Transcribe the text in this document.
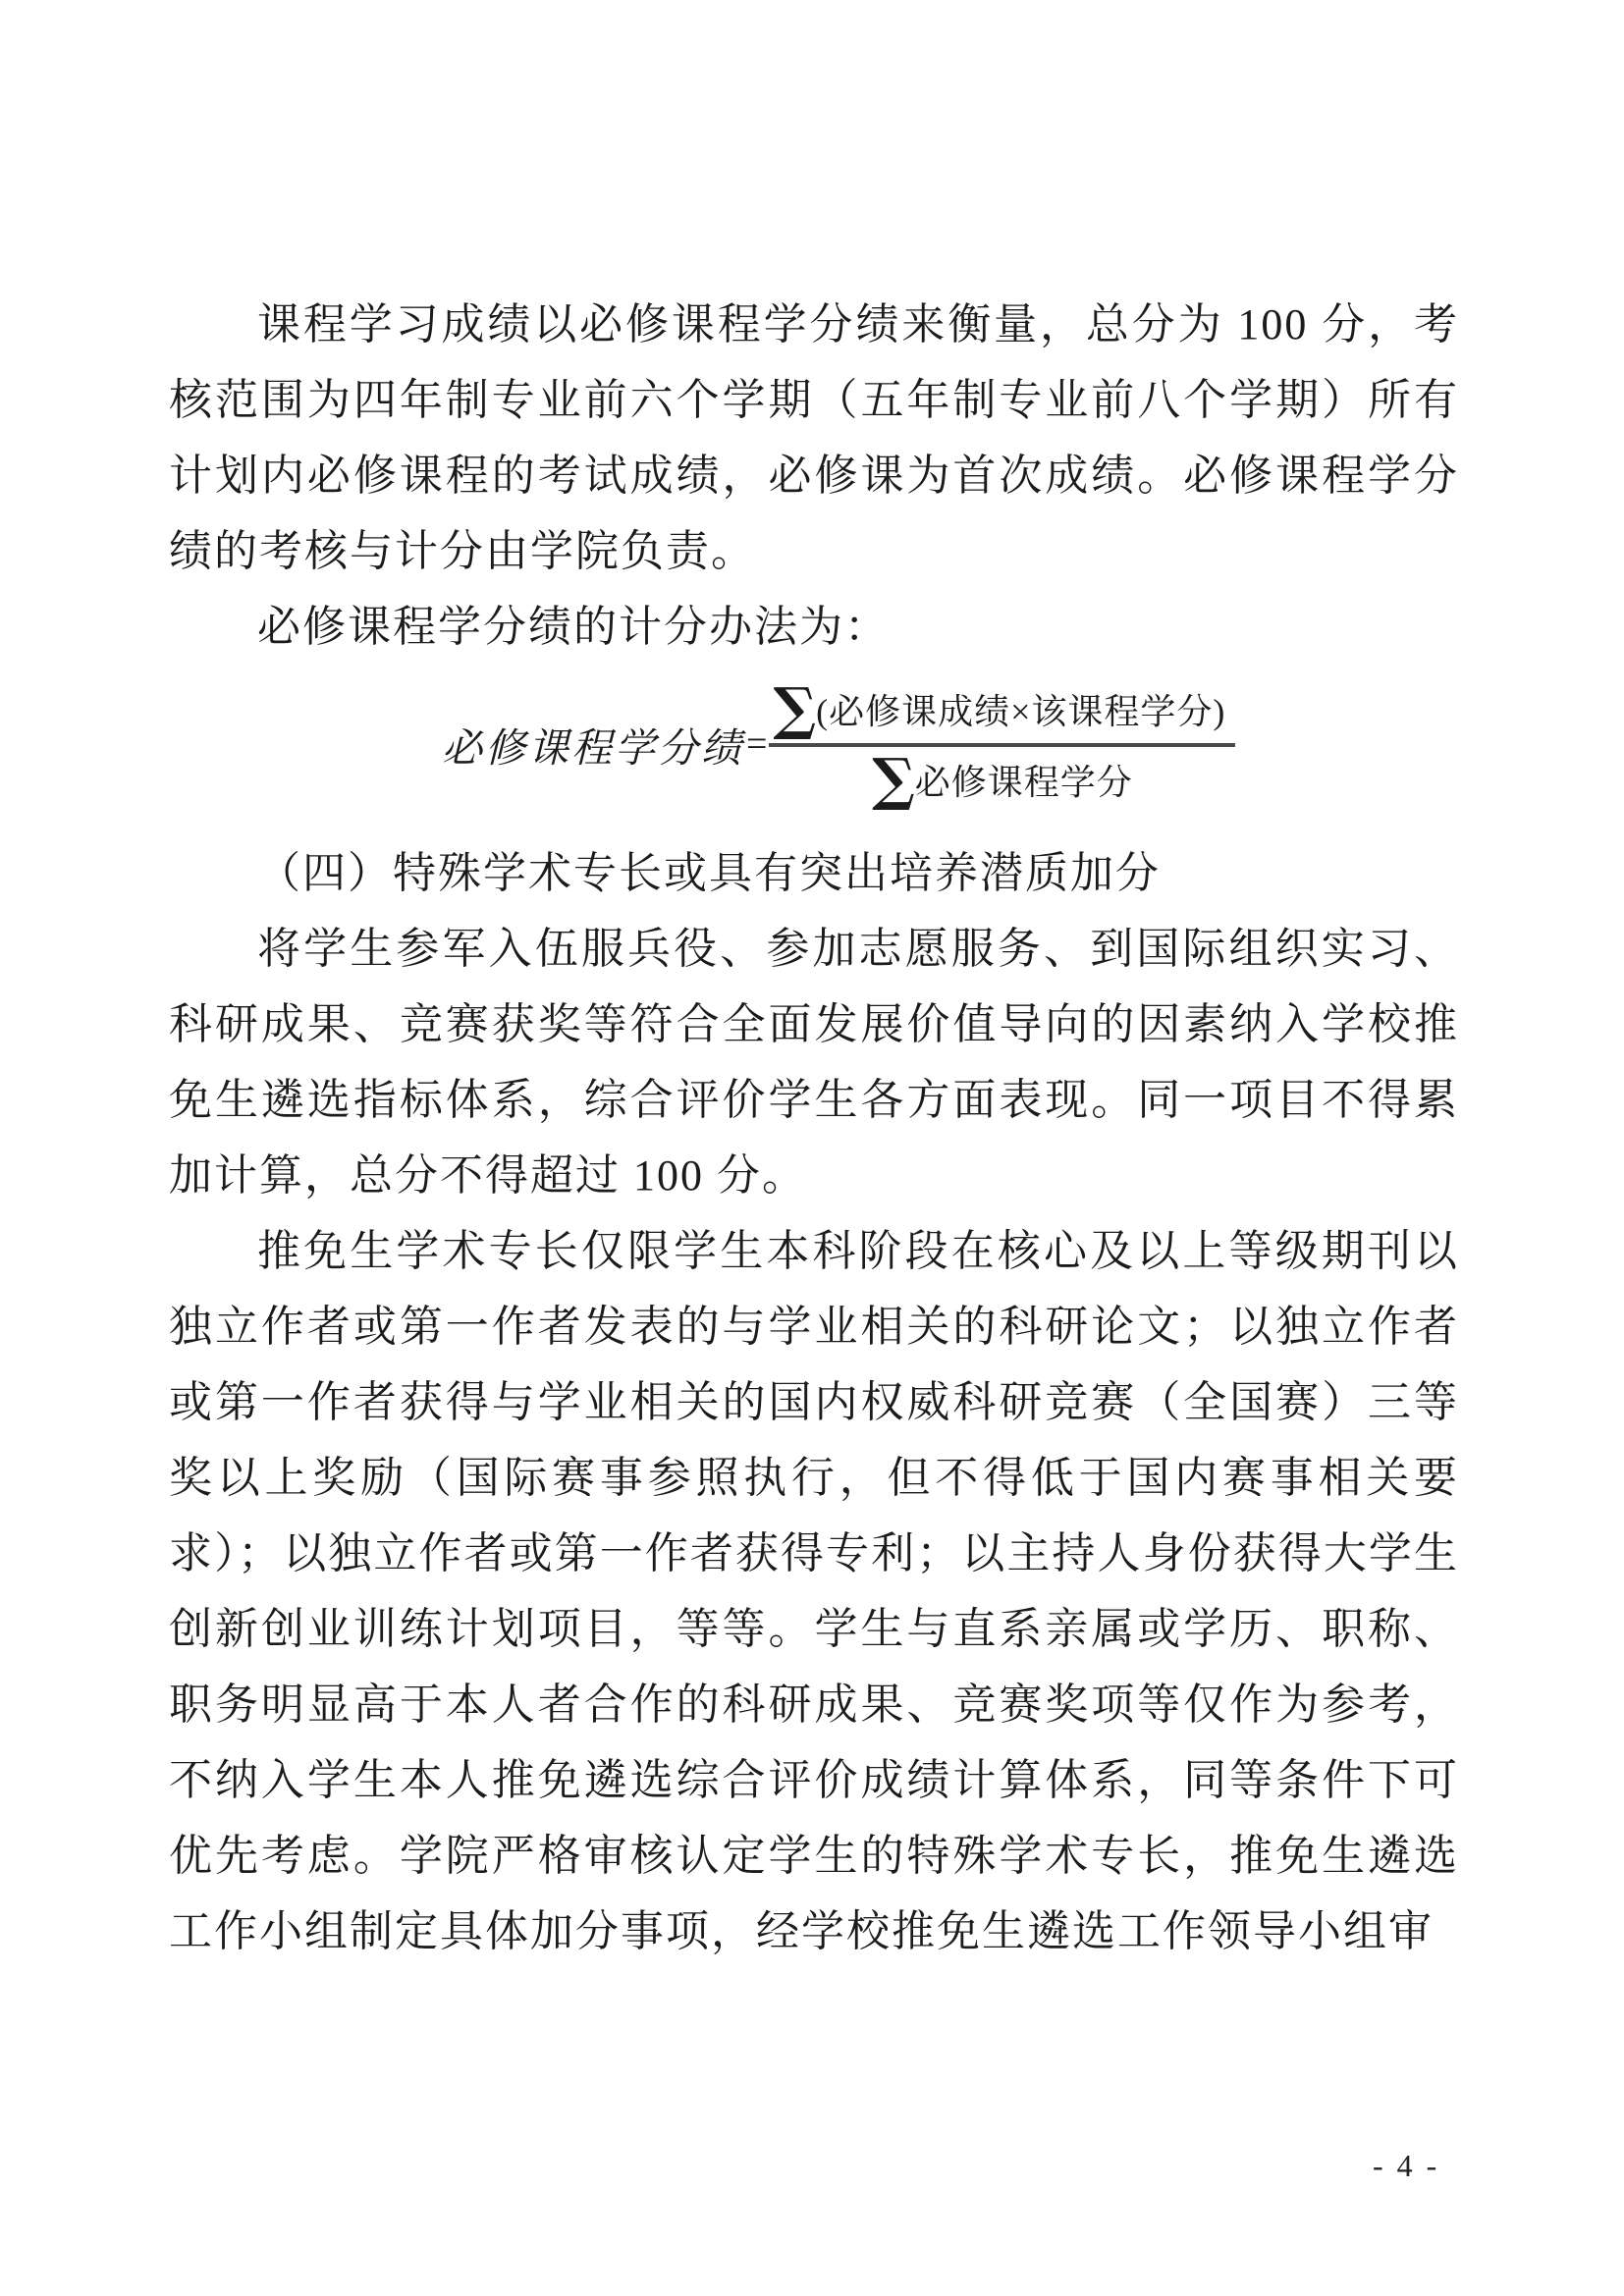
课程学习成绩以必修课程学分绩来衡量，总分为 100 分，考核范围为四年制专业前六个学期（五年制专业前八个学期）所有计划内必修课程的考试成绩，必修课为首次成绩。必修课程学分绩的考核与计分由学院负责。
必修课程学分绩的计分办法为：
必修课程学分绩 = $\frac{\text{∑ (必修课成绩×该课程学分)}}{\text{∑ 必修课程学分}}$
（四）特殊学术专长或具有突出培养潜质加分
将学生参军入伍服兵役、参加志愿服务、到国际组织实习、科研成果、竞赛获奖等符合全面发展价值导向的因素纳入学校推免生遴选指标体系，综合评价学生各方面表现。同一项目不得累加计算，总分不得超过 100 分。
推免生学术专长仅限学生本科阶段在核心及以上等级期刊以独立作者或第一作者发表的与学业相关的科研论文；以独立作者或第一作者获得与学业相关的国内权威科研竞赛（全国赛）三等奖以上奖励（国际赛事参照执行，但不得低于国内赛事相关要求）；以独立作者或第一作者获得专利；以主持人身份获得大学生创新创业训练计划项目，等等。学生与直系亲属或学历、职称、职务明显高于本人者合作的科研成果、竞赛奖项等仅作为参考，不纳入学生本人推免遴选综合评价成绩计算体系，同等条件下可优先考虑。学院严格审核认定学生的特殊学术专长，推免生遴选工作小组制定具体加分事项，经学校推免生遴选工作领导小组审
- 4 -
